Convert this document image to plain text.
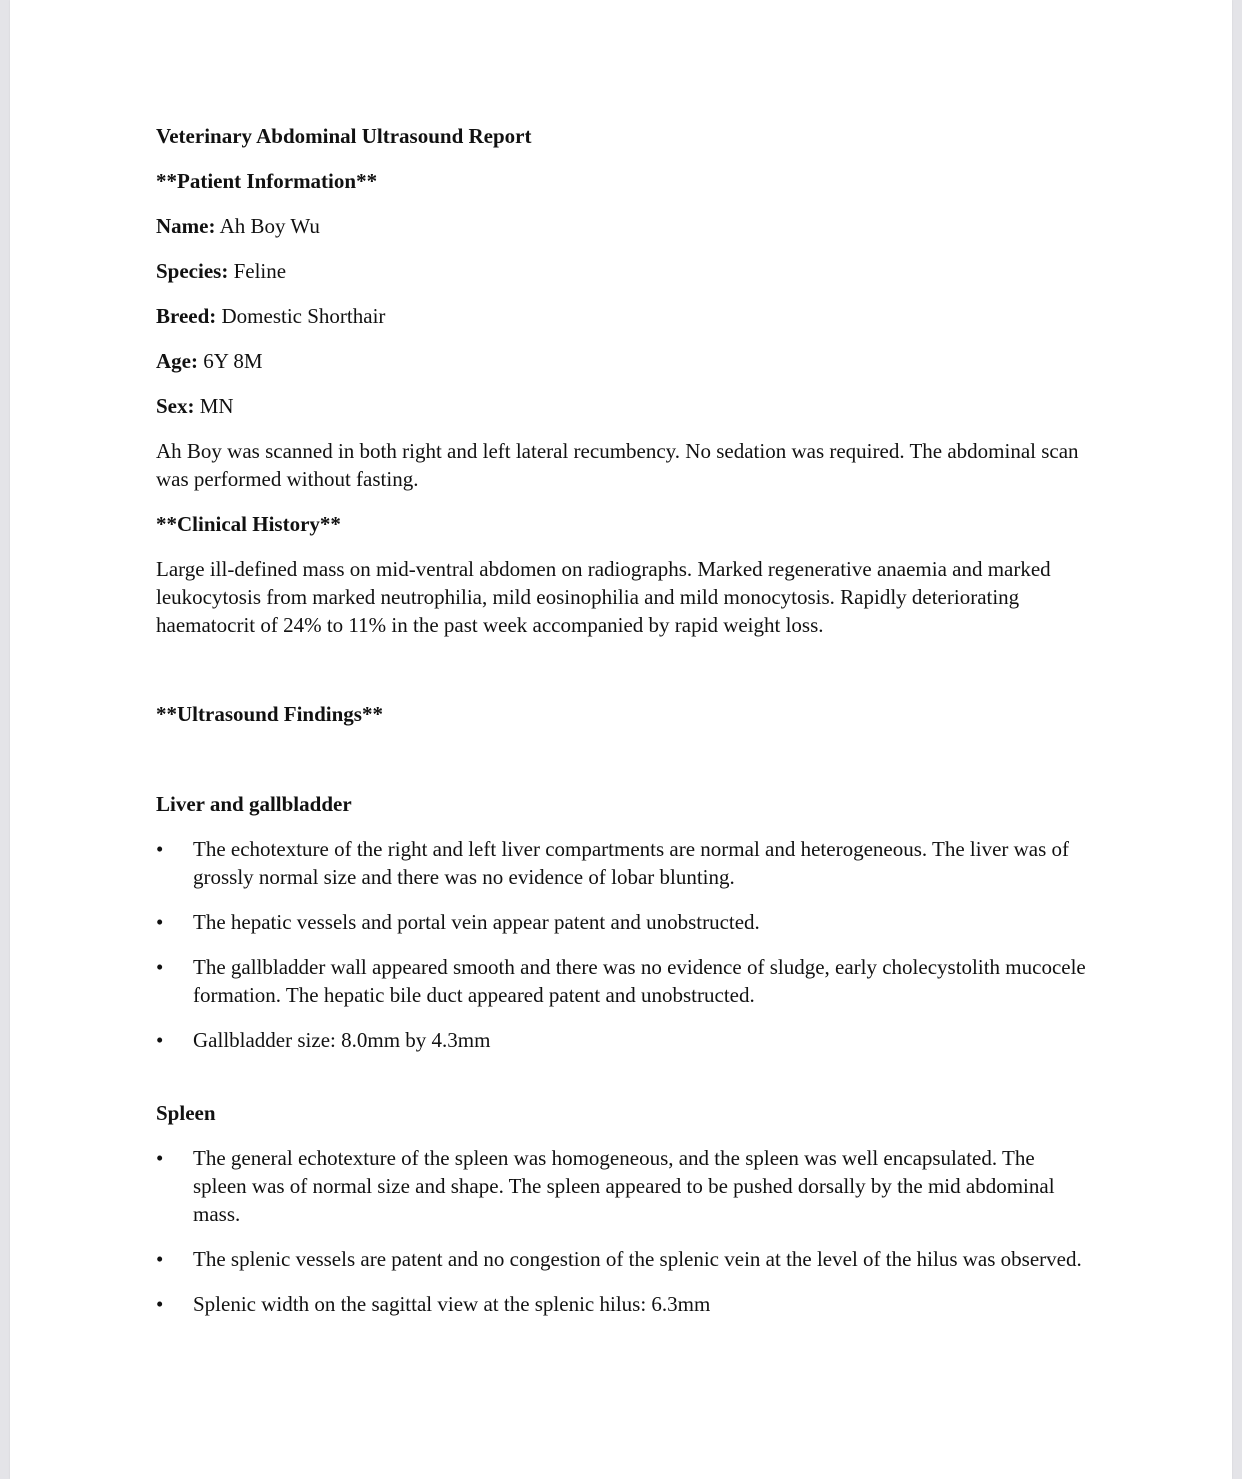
Veterinary Abdominal Ultrasound Report
**Patient Information**
Name: Ah Boy Wu
Species: Feline
Breed: Domestic Shorthair
Age: 6Y 8M
Sex: MN
Ah Boy was scanned in both right and left lateral recumbency. No sedation was required. The abdominal scan was performed without fasting.
**Clinical History**
Large ill-defined mass on mid-ventral abdomen on radiographs. Marked regenerative anaemia and marked leukocytosis from marked neutrophilia, mild eosinophilia and mild monocytosis. Rapidly deteriorating haematocrit of 24% to 11% in the past week accompanied by rapid weight loss.
**Ultrasound Findings**
Liver and gallbladder
• The echotexture of the right and left liver compartments are normal and heterogeneous. The liver was of grossly normal size and there was no evidence of lobar blunting.
• The hepatic vessels and portal vein appear patent and unobstructed.
• The gallbladder wall appeared smooth and there was no evidence of sludge, early cholecystolith mucocele formation. The hepatic bile duct appeared patent and unobstructed.
• Gallbladder size: 8.0mm by 4.3mm
Spleen
• The general echotexture of the spleen was homogeneous, and the spleen was well encapsulated. The spleen was of normal size and shape. The spleen appeared to be pushed dorsally by the mid abdominal mass.
• The splenic vessels are patent and no congestion of the splenic vein at the level of the hilus was observed.
• Splenic width on the sagittal view at the splenic hilus: 6.3mm
